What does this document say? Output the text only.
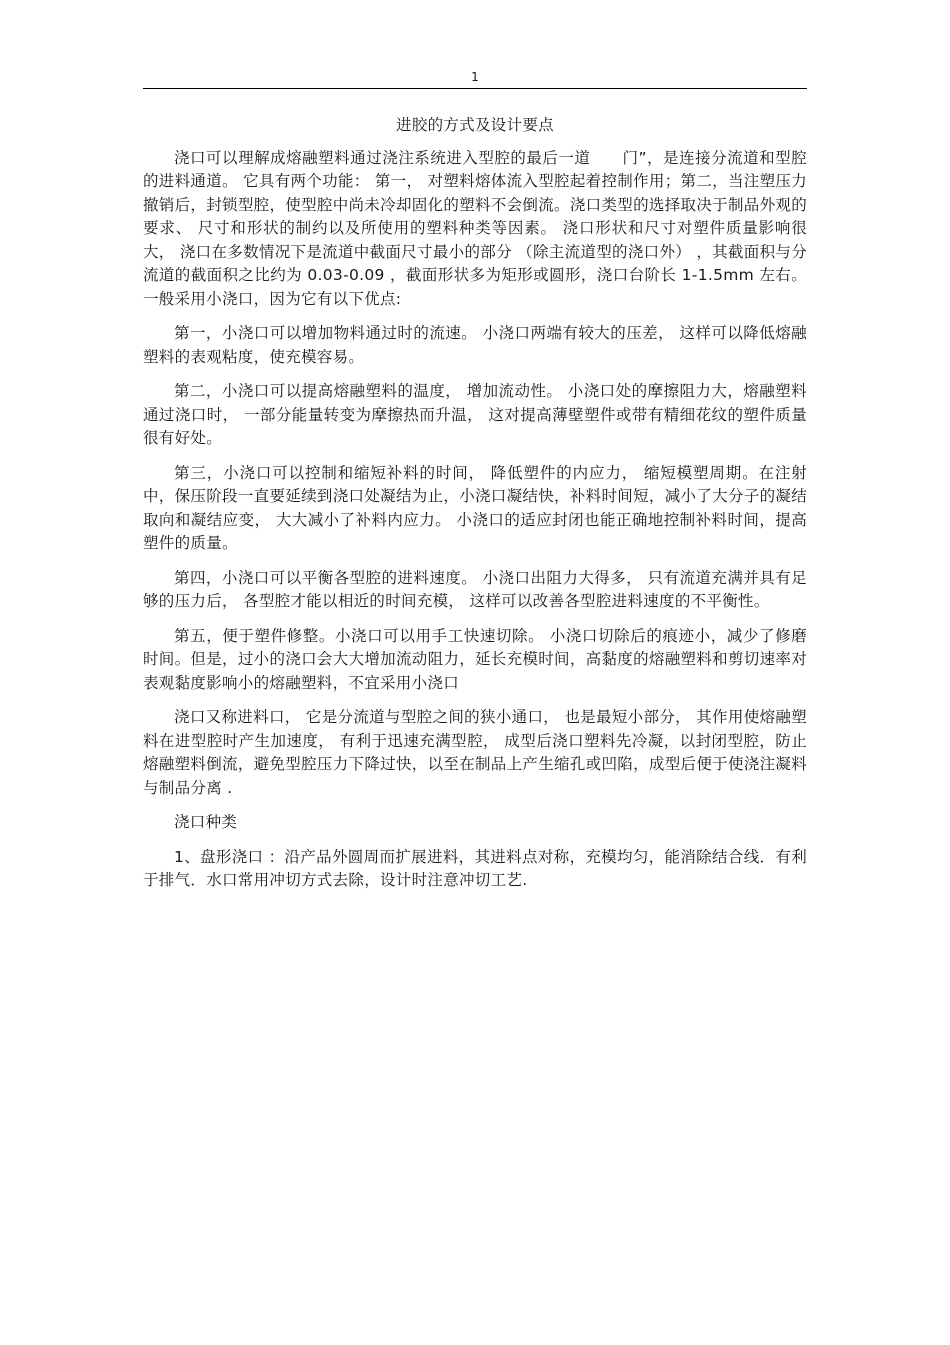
1
进胶的方式及设计要点

浇口可以理解成熔融塑料通过浇注系统进入型腔的最后一道　　门”，是连接分流道和型腔的进料通道。 它具有两个功能： 第一， 对塑料熔体流入型腔起着控制作用；第二，当注塑压力撤销后，封锁型腔，使型腔中尚未冷却固化的塑料不会倒流。浇口类型的选择取决于制品外观的要求、 尺寸和形状的制约以及所使用的塑料种类等因素。 浇口形状和尺寸对塑件质量影响很大， 浇口在多数情况下是流道中截面尺寸最小的部分 （除主流道型的浇口外） ，其截面积与分流道的截面积之比约为 0.03-0.09 ，截面形状多为矩形或圆形，浇口台阶长 1-1.5mm 左右。一般采用小浇口，因为它有以下优点:

第一，小浇口可以增加物料通过时的流速。 小浇口两端有较大的压差， 这样可以降低熔融塑料的表观粘度，使充模容易。

第二，小浇口可以提高熔融塑料的温度， 增加流动性。 小浇口处的摩擦阻力大，熔融塑料通过浇口时， 一部分能量转变为摩擦热而升温， 这对提高薄壁塑件或带有精细花纹的塑件质量很有好处。

第三，小浇口可以控制和缩短补料的时间， 降低塑件的内应力， 缩短模塑周期。在注射中，保压阶段一直要延续到浇口处凝结为止，小浇口凝结快，补料时间短，减小了大分子的凝结取向和凝结应变， 大大减小了补料内应力。 小浇口的适应封闭也能正确地控制补料时间，提高塑件的质量。

第四，小浇口可以平衡各型腔的进料速度。 小浇口出阻力大得多， 只有流道充满并具有足够的压力后， 各型腔才能以相近的时间充模， 这样可以改善各型腔进料速度的不平衡性。

第五，便于塑件修整。小浇口可以用手工快速切除。 小浇口切除后的痕迹小，减少了修磨时间。但是，过小的浇口会大大增加流动阻力，延长充模时间，高黏度的熔融塑料和剪切速率对表观黏度影响小的熔融塑料，不宜采用小浇口

浇口又称进料口， 它是分流道与型腔之间的狭小通口， 也是最短小部分， 其作用使熔融塑料在进型腔时产生加速度， 有利于迅速充满型腔， 成型后浇口塑料先冷凝，以封闭型腔，防止熔融塑料倒流，避免型腔压力下降过快，以至在制品上产生缩孔或凹陷，成型后便于使浇注凝料与制品分离 .

浇口种类

1、盘形浇口 ：沿产品外圆周而扩展进料，其进料点对称，充模均匀，能消除结合线．有利于排气．水口常用冲切方式去除，设计时注意冲切工艺.
